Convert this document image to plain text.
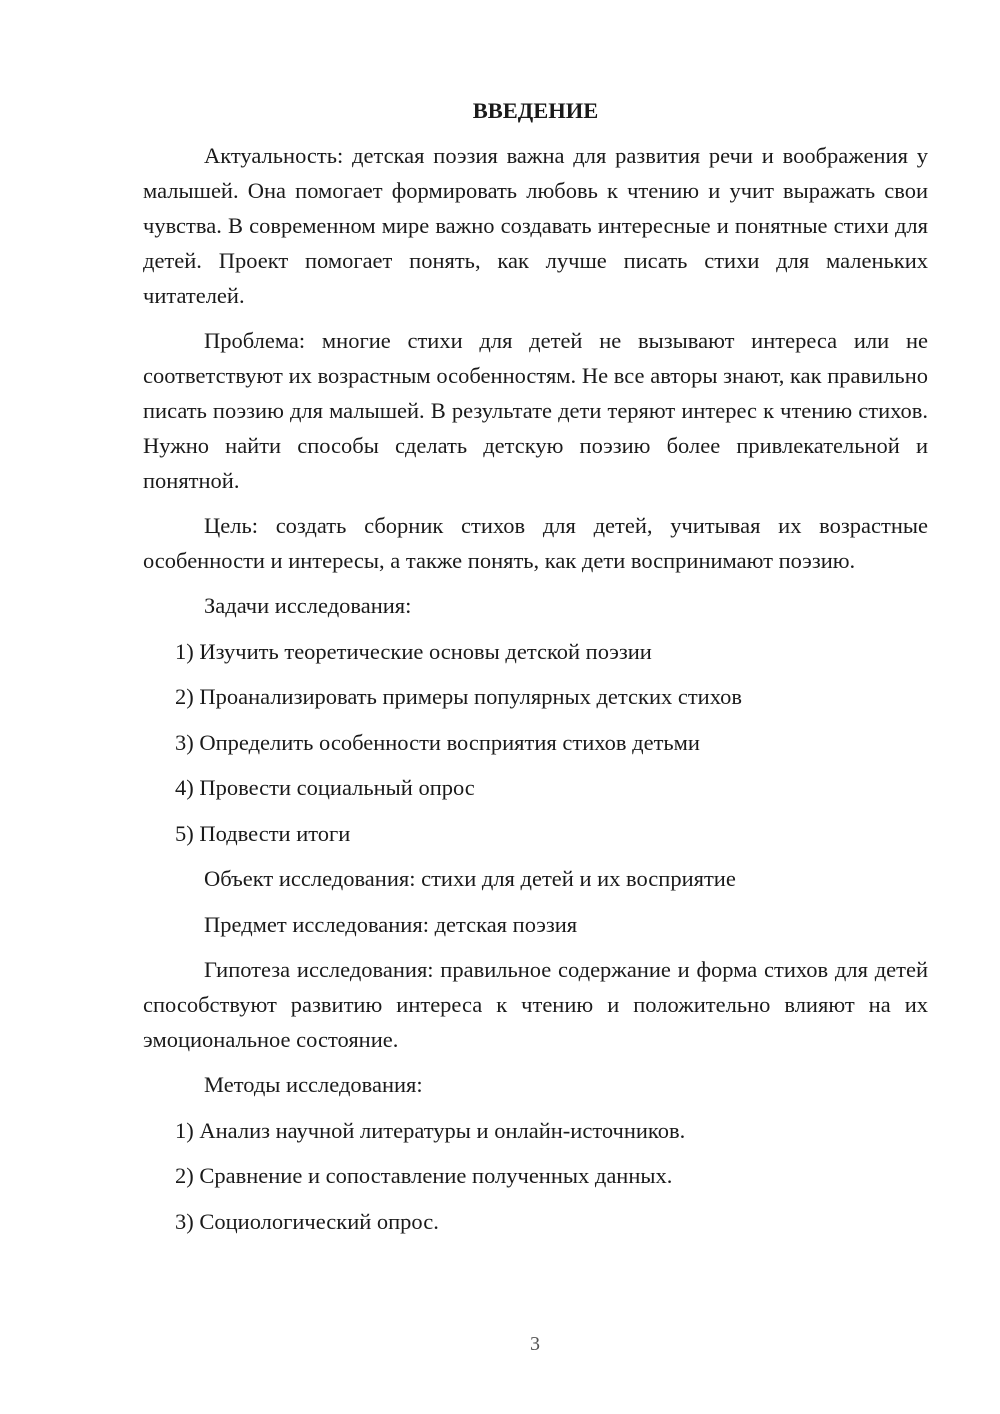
ВВЕДЕНИЕ

Актуальность: детская поэзия важна для развития речи и воображения у малышей. Она помогает формировать любовь к чтению и учит выражать свои чувства. В современном мире важно создавать интересные и понятные стихи для детей. Проект помогает понять, как лучше писать стихи для маленьких читателей.

Проблема: многие стихи для детей не вызывают интереса или не соответствуют их возрастным особенностям. Не все авторы знают, как правильно писать поэзию для малышей. В результате дети теряют интерес к чтению стихов. Нужно найти способы сделать детскую поэзию более привлекательной и понятной.

Цель: создать сборник стихов для детей, учитывая их возрастные особенности и интересы, а также понять, как дети воспринимают поэзию.

Задачи исследования:
1) Изучить теоретические основы детской поэзии
2) Проанализировать примеры популярных детских стихов
3) Определить особенности восприятия стихов детьми
4) Провести социальный опрос
5) Подвести итоги
Объект исследования: стихи для детей и их восприятие
Предмет исследования: детская поэзия

Гипотеза исследования: правильное содержание и форма стихов для детей способствуют развитию интереса к чтению и положительно влияют на их эмоциональное состояние.

Методы исследования:
1) Анализ научной литературы и онлайн-источников.
2) Сравнение и сопоставление полученных данных.
3) Социологический опрос.
3
